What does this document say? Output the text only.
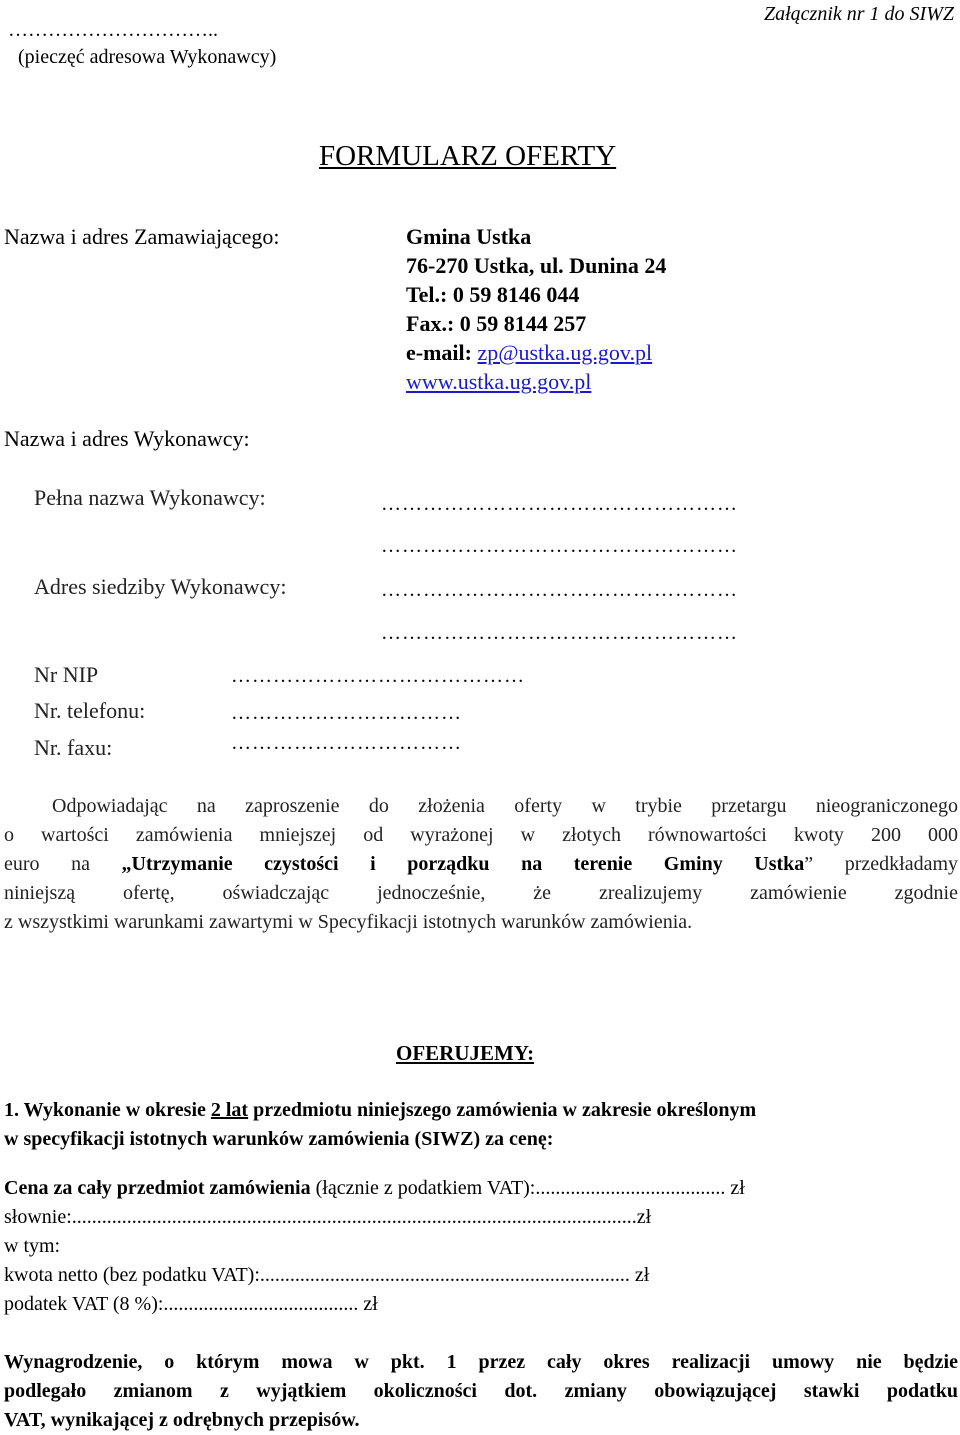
Załącznik nr 1 do SIWZ
…………………………..
(pieczęć adresowa Wykonawcy)
FORMULARZ OFERTY
Nazwa i adres Zamawiającego:	Gmina Ustka
76-270 Ustka, ul. Dunina 24
Tel.: 0 59 8146 044
Fax.: 0 59 8144 257
e-mail: zp@ustka.ug.gov.pl
www.ustka.ug.gov.pl
Nazwa i adres Wykonawcy:
Pełna nazwa Wykonawcy:	……………………………………………
……………………………………………
Adres siedziby Wykonawcy:	……………………………………………
……………………………………………
Nr NIP	……………………………………
Nr. telefonu:	……………………………
Nr. faxu:	……………………………
Odpowiadając na zaproszenie do złożenia oferty w trybie przetargu nieograniczonego
o wartości zamówienia mniejszej od wyrażonej w złotych równowartości kwoty 200 000
euro na „Utrzymanie czystości i porządku na terenie Gminy Ustka” przedkładamy
niniejszą ofertę, oświadczając jednocześnie, że zrealizujemy zamówienie zgodnie
z wszystkimi warunkami zawartymi w Specyfikacji istotnych warunków zamówienia.
OFERUJEMY:
1. Wykonanie w okresie 2 lat przedmiotu niniejszego zamówienia w zakresie określonym
w specyfikacji istotnych warunków zamówienia (SIWZ) za cenę:
Cena za cały przedmiot zamówienia (łącznie z podatkiem VAT):...................................... zł
słownie:.................................................................................................................zł
w tym:
kwota netto (bez podatku VAT):.......................................................................... zł
podatek VAT (8 %):....................................... zł
Wynagrodzenie, o którym mowa w pkt. 1 przez cały okres realizacji umowy nie będzie
podlegało zmianom z wyjątkiem okoliczności dot. zmiany obowiązującej stawki podatku
VAT, wynikającej z odrębnych przepisów.
